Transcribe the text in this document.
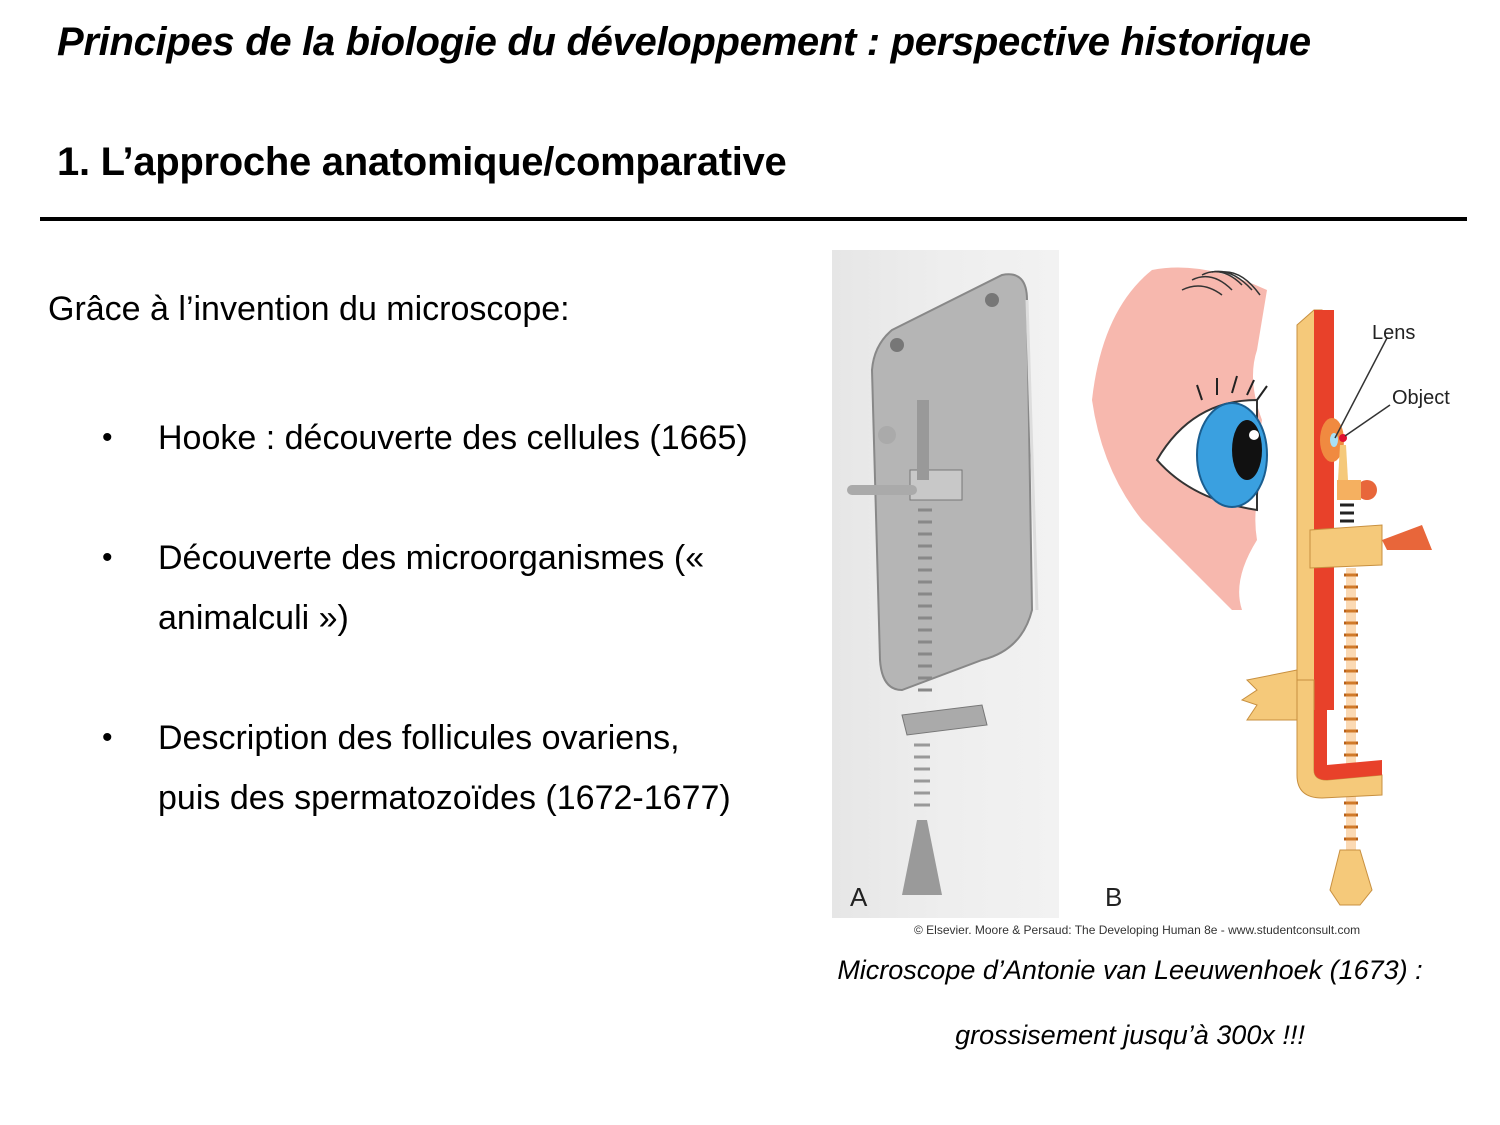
Principes de la biologie du développement : perspective historique
1. L’approche anatomique/comparative
Grâce à l’invention du microscope:
• Hooke : découverte des cellules (1665)
• Découverte des microorganismes (« animalculi »)
• Description des follicules ovariens, puis des spermatozoïdes (1672-1677)
A
Lens
Object
B
© Elsevier. Moore & Persaud: The Developing Human 8e - www.studentconsult.com
Microscope d’Antonie van Leeuwenhoek (1673) :
grossisement jusqu’à 300x !!!
